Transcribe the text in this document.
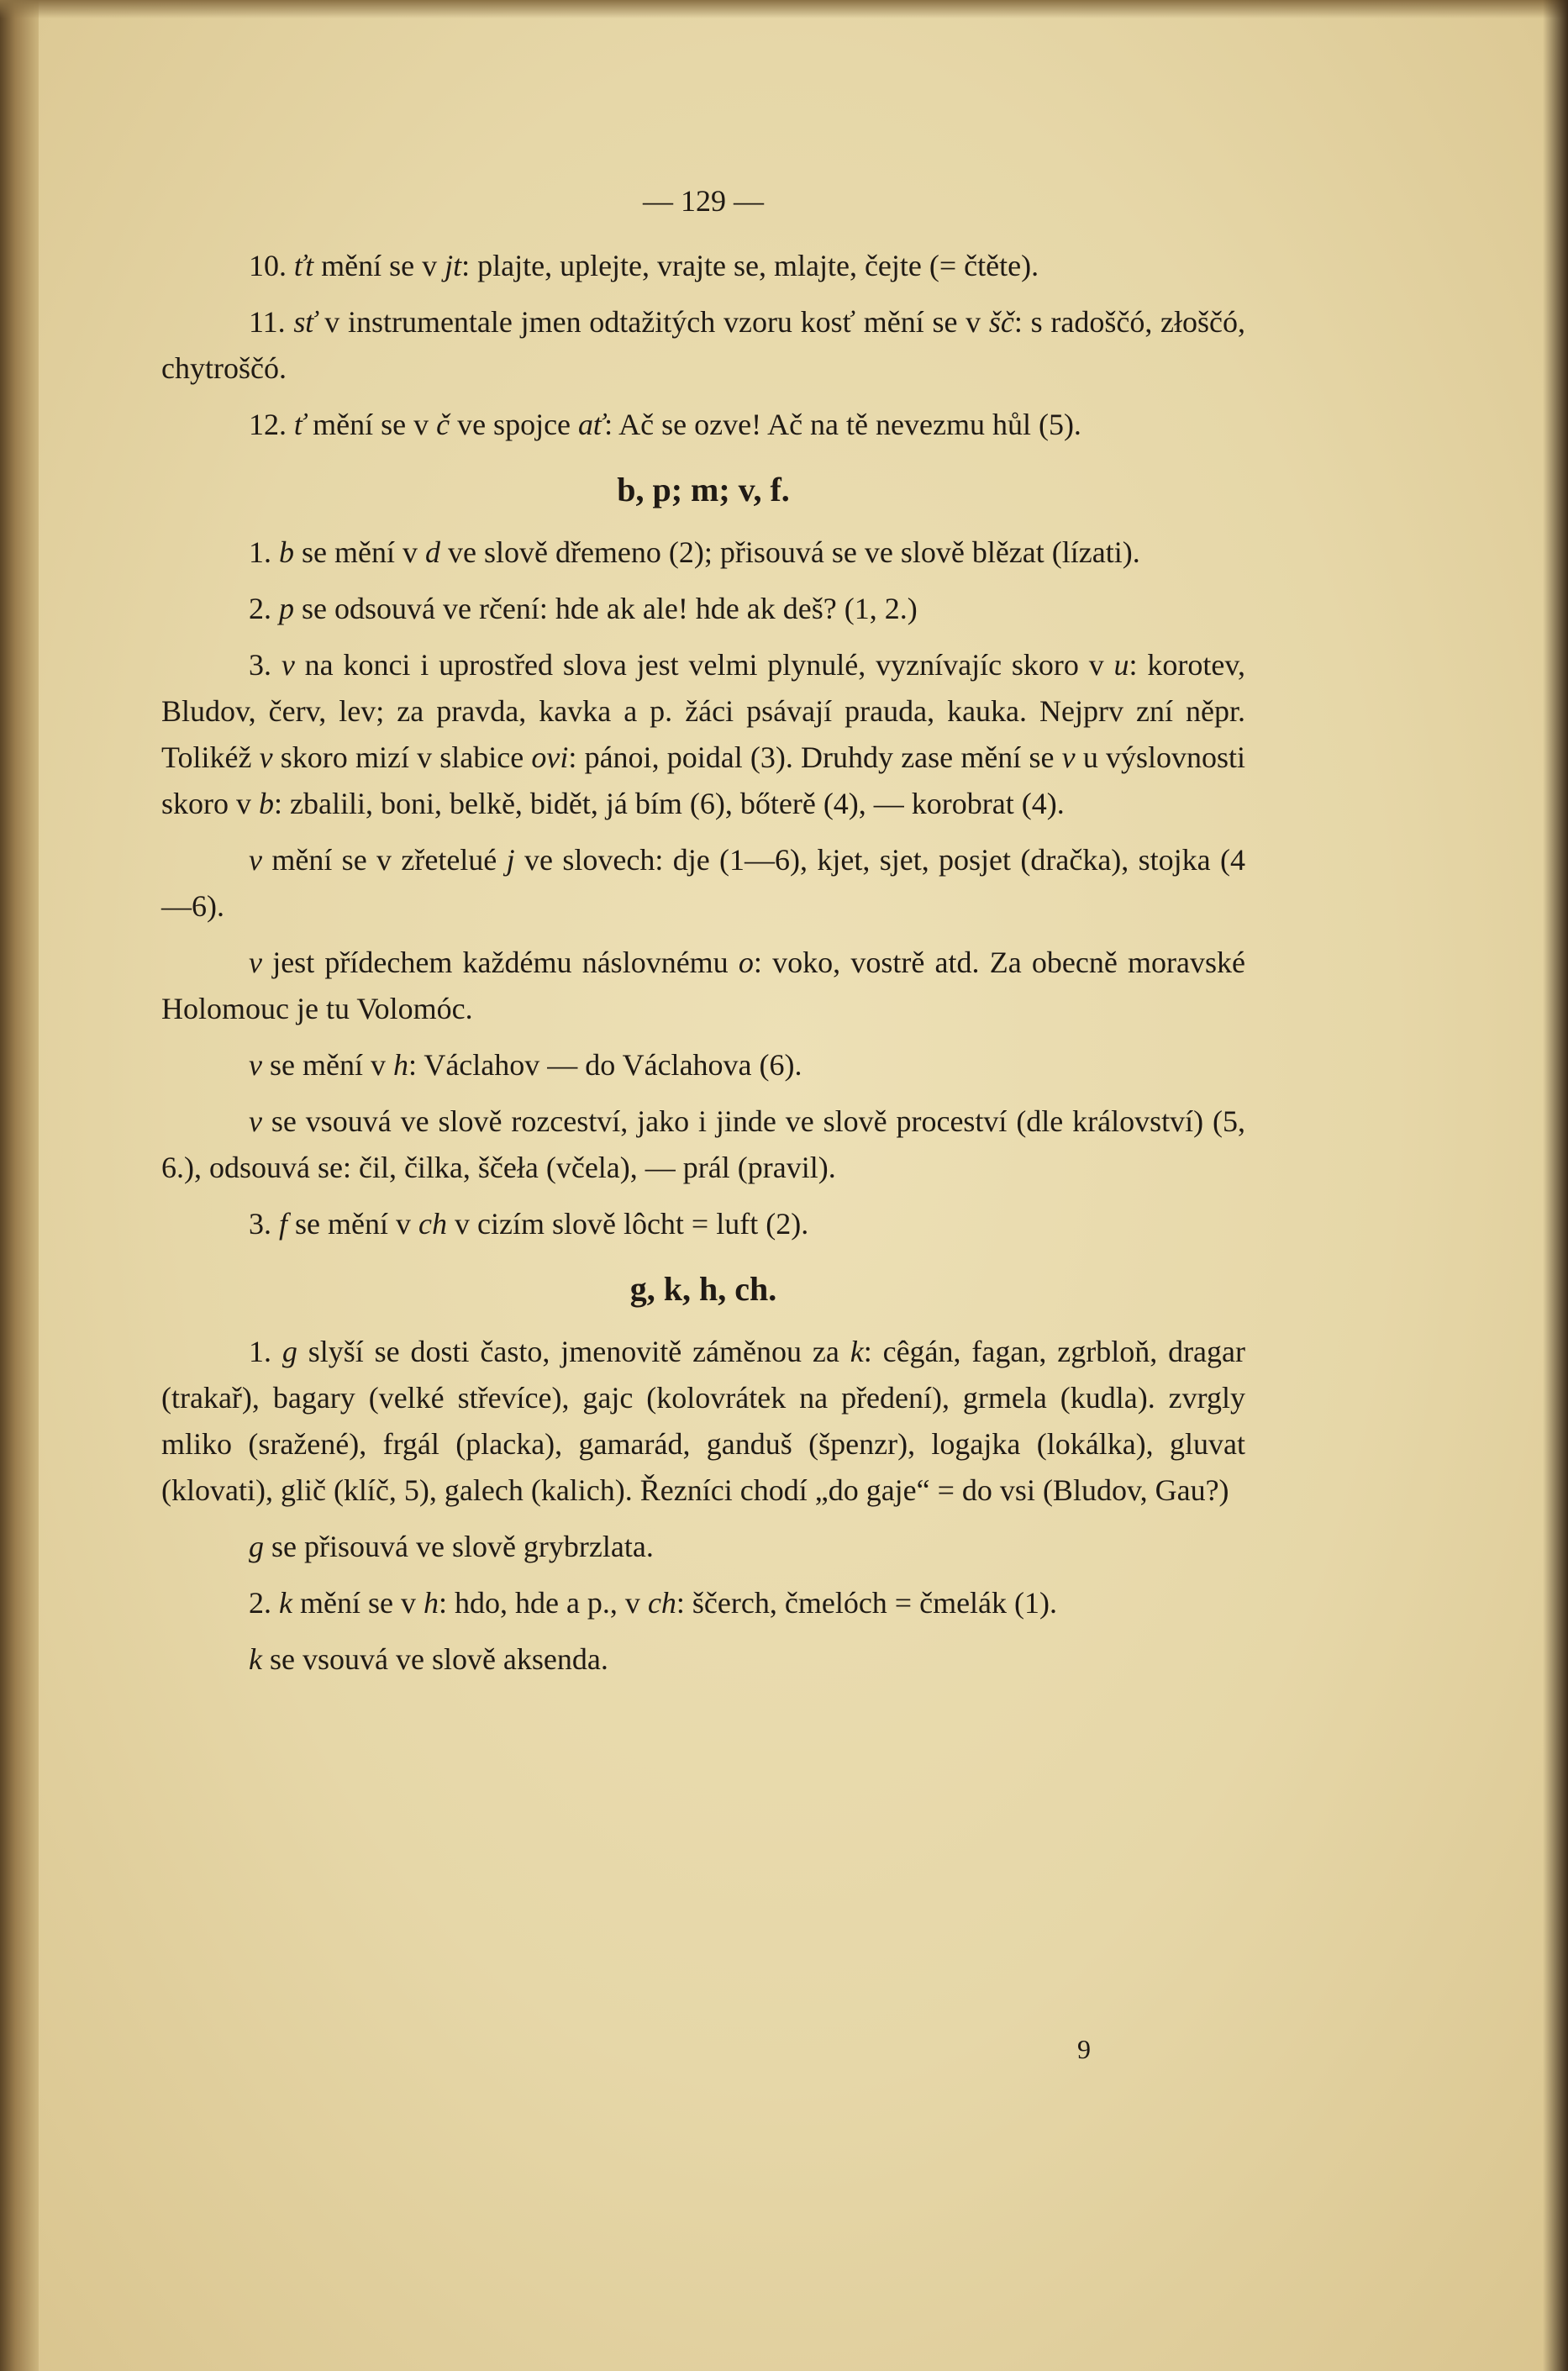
— 129 —

10. ťt mění se v jt: plajte, uplejte, vrajte se, mlajte, čejte (= čtěte).

11. sť v instrumentale jmen odtažitých vzoru kosť mění se v šč: s radoščó, złoščó, chytroščó.

12. ť mění se v č ve spojce ať: Ač se ozve! Ač na tě nevezmu hůl (5).

b, p; m; v, f.

1. b se mění v d ve slově dřemeno (2); přisouvá se ve slově blězat (lízati).

2. p se odsouvá ve rčení: hde ak ale! hde ak deš? (1, 2.)

3. v na konci i uprostřed slova jest velmi plynulé, vyznívajíc skoro v u: korotev, Bludov, červ, lev; za pravda, kavka a p. žáci psávají prauda, kauka. Nejprv zní něpr. Tolikéž v skoro mizí v slabice ovi: pánoi, poidal (3). Druhdy zase mění se v u výslovnosti skoro v b: zbalili, boni, belkě, bidět, já bím (6), bőterě (4), — korobrat (4).

v mění se v zřetelué j ve slovech: dje (1—6), kjet, sjet, posjet (dračka), stojka (4—6).

v jest přídechem každému náslovnému o: voko, vostrě atd. Za obecně moravské Holomouc je tu Volomóc.

v se mění v h: Václahov — do Václahova (6).

v se vsouvá ve slově rozceství, jako i jinde ve slově proceství (dle království) (5, 6.), odsouvá se: čil, čilka, ščeła (včela), — prál (pravil).

3. f se mění v ch v cizím slově lôcht = luft (2).

g, k, h, ch.

1. g slyší se dosti často, jmenovitě záměnou za k: cêgán, fagan, zgrbloň, dragar (trakař), bagary (velké střevíce), gajc (kolovrátek na předení), grmela (kudla). zvrgly mliko (sražené), frgál (placka), gamarád, ganduš (špenzr), logajka (lokálka), gluvat (klovati), glič (klíč, 5), galech (kalich). Řezníci chodí „do gaje“ = do vsi (Bludov, Gau?)

g se přisouvá ve slově grybrzlata.

2. k mění se v h: hdo, hde a p., v ch: ščerch, čmelóch = čmelák (1).

k se vsouvá ve slově aksenda.

9
